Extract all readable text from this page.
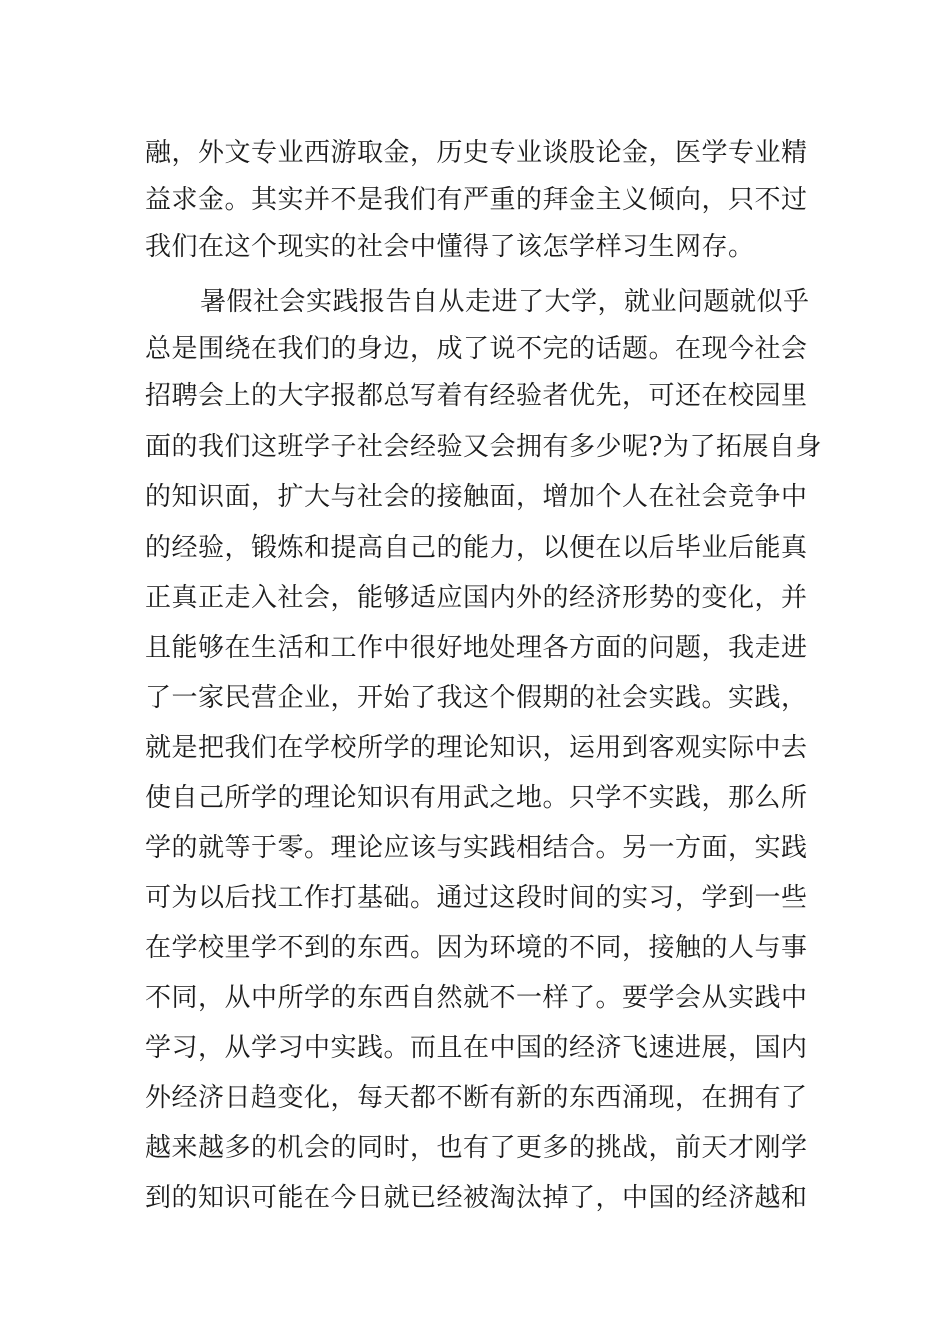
融，外文专业西游取金，历史专业谈股论金，医学专业精
益求金。其实并不是我们有严重的拜金主义倾向，只不过
我们在这个现实的社会中懂得了该怎学样习生网存。
暑假社会实践报告自从走进了大学，就业问题就似乎
总是围绕在我们的身边，成了说不完的话题。在现今社会
招聘会上的大字报都总写着有经验者优先，可还在校园里
面的我们这班学子社会经验又会拥有多少呢?为了拓展自身
的知识面，扩大与社会的接触面，增加个人在社会竞争中
的经验，锻炼和提高自己的能力，以便在以后毕业后能真
正真正走入社会，能够适应国内外的经济形势的变化，并
且能够在生活和工作中很好地处理各方面的问题，我走进
了一家民营企业，开始了我这个假期的社会实践。实践，
就是把我们在学校所学的理论知识，运用到客观实际中去
使自己所学的理论知识有用武之地。只学不实践，那么所
学的就等于零。理论应该与实践相结合。另一方面，实践
可为以后找工作打基础。通过这段时间的实习，学到一些
在学校里学不到的东西。因为环境的不同，接触的人与事
不同，从中所学的东西自然就不一样了。要学会从实践中
学习，从学习中实践。而且在中国的经济飞速进展，国内
外经济日趋变化，每天都不断有新的东西涌现，在拥有了
越来越多的机会的同时，也有了更多的挑战，前天才刚学
到的知识可能在今日就已经被淘汰掉了，中国的经济越和
